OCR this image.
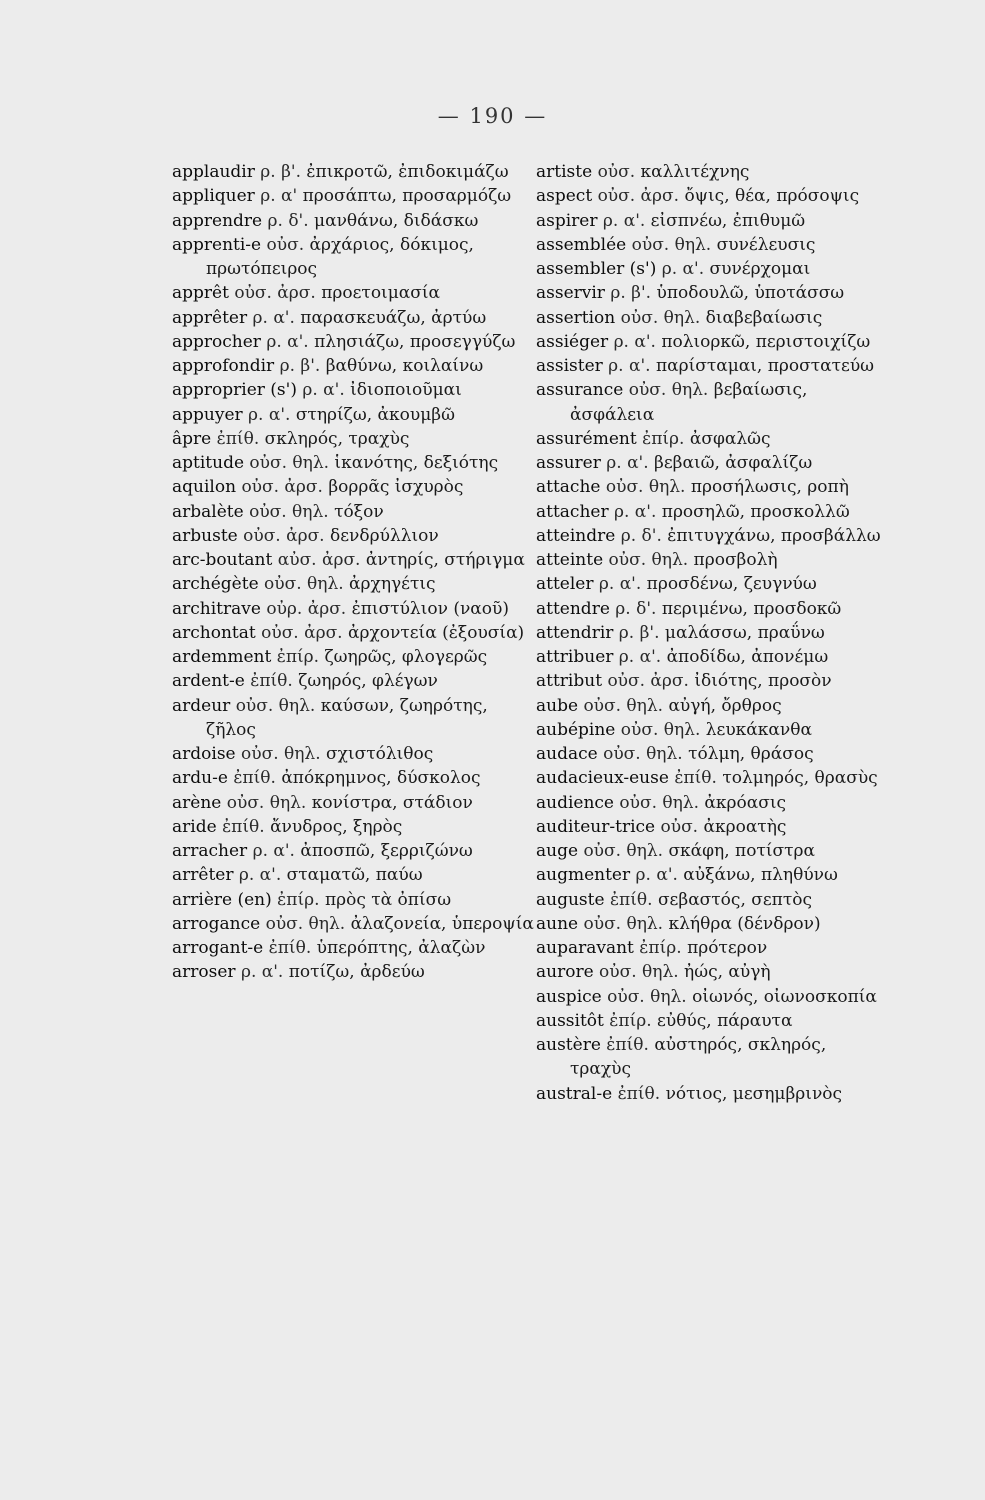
— 190 —
applaudir ρ. β'. ἐπικροτῶ, ἐπιδοκιμάζω
appliquer ρ. α' προσάπτω, προσαρμόζω
apprendre ρ. δ'. μανθάνω, διδάσκω
apprenti-e οὐσ. ἀρχάριος, δόκιμος, πρωτόπειρος
apprêt οὐσ. ἀρσ. προετοιμασία
apprêter ρ. α'. παρασκευάζω, ἀρτύω
approcher ρ. α'. πλησιάζω, προσεγγύζω
approfondir ρ. β'. βαθύνω, κοιλαίνω
approprier (s') ρ. α'. ἰδιοποιοῦμαι
appuyer ρ. α'. στηρίζω, ἀκουμβῶ
âpre ἐπίθ. σκληρός, τραχὺς
aptitude οὐσ. θηλ. ἱκανότης, δεξιότης
aquilon οὐσ. ἀρσ. βορρᾶς ἰσχυρὸς
arbalète οὐσ. θηλ. τόξον
arbuste οὐσ. ἀρσ. δενδρύλλιον
arc-boutant αὐσ. ἀρσ. ἀντηρίς, στήριγμα
archégète οὐσ. θηλ. ἀρχηγέτις
architrave οὐρ. ἀρσ. ἐπιστύλιον (ναοῦ)
archontat οὐσ. ἀρσ. ἀρχοντεία (ἐξουσία)
ardemment ἐπίρ. ζωηρῶς, φλογερῶς
ardent-e ἐπίθ. ζωηρός, φλέγων
ardeur οὐσ. θηλ. καύσων, ζωηρότης, ζῆλος
ardoise οὐσ. θηλ. σχιστόλιθος
ardu-e ἐπίθ. ἀπόκρημνος, δύσκολος
arène οὐσ. θηλ. κονίστρα, στάδιον
aride ἐπίθ. ἄνυδρος, ξηρὸς
arracher ρ. α'. ἀποσπῶ, ξερριζώνω
arrêter ρ. α'. σταματῶ, παύω
arrière (en) ἐπίρ. πρὸς τὰ ὀπίσω
arrogance οὐσ. θηλ. ἀλαζονεία, ὑπεροψία
arrogant-e ἐπίθ. ὑπερόπτης, ἀλαζὼν
arroser ρ. α'. ποτίζω, ἀρδεύω
artiste οὐσ. καλλιτέχνης
aspect οὐσ. ἀρσ. ὄψις, θέα, πρόσοψις
aspirer ρ. α'. εἰσπνέω, ἐπιθυμῶ
assemblée οὐσ. θηλ. συνέλευσις
assembler (s') ρ. α'. συνέρχομαι
asservir ρ. β'. ὑποδουλῶ, ὑποτάσσω
assertion οὐσ. θηλ. διαβεβαίωσις
assiéger ρ. α'. πολιορκῶ, περιστοιχίζω
assister ρ. α'. παρίσταμαι, προστατεύω
assurance οὐσ. θηλ. βεβαίωσις, ἀσφάλεια
assurément ἐπίρ. ἀσφαλῶς
assurer ρ. α'. βεβαιῶ, ἀσφαλίζω
attache οὐσ. θηλ. προσήλωσις, ροπὴ
attacher ρ. α'. προσηλῶ, προσκολλῶ
atteindre ρ. δ'. ἐπιτυγχάνω, προσβάλλω
atteinte οὐσ. θηλ. προσβολὴ
atteler ρ. α'. προσδένω, ζευγνύω
attendre ρ. δ'. περιμένω, προσδοκῶ
attendrir ρ. β'. μαλάσσω, πραΰνω
attribuer ρ. α'. ἀποδίδω, ἀπονέμω
attribut οὐσ. ἀρσ. ἰδιότης, προσὸν
aube οὐσ. θηλ. αὐγή, ὄρθρος
aubépine οὐσ. θηλ. λευκάκανθα
audace οὐσ. θηλ. τόλμη, θράσος
audacieux-euse ἐπίθ. τολμηρός, θρασὺς
audience οὐσ. θηλ. ἀκρόασις
auditeur-trice οὐσ. ἀκροατὴς
auge οὐσ. θηλ. σκάφη, ποτίστρα
augmenter ρ. α'. αὐξάνω, πληθύνω
auguste ἐπίθ. σεβαστός, σεπτὸς
aune οὐσ. θηλ. κλήθρα (δένδρον)
auparavant ἐπίρ. πρότερον
aurore οὐσ. θηλ. ἠώς, αὐγὴ
auspice οὐσ. θηλ. οἰωνός, οἰωνοσκοπία
aussitôt ἐπίρ. εὐθύς, πάραυτα
austère ἐπίθ. αὐστηρός, σκληρός, τραχὺς
austral-e ἐπίθ. νότιος, μεσημβρινὸς
